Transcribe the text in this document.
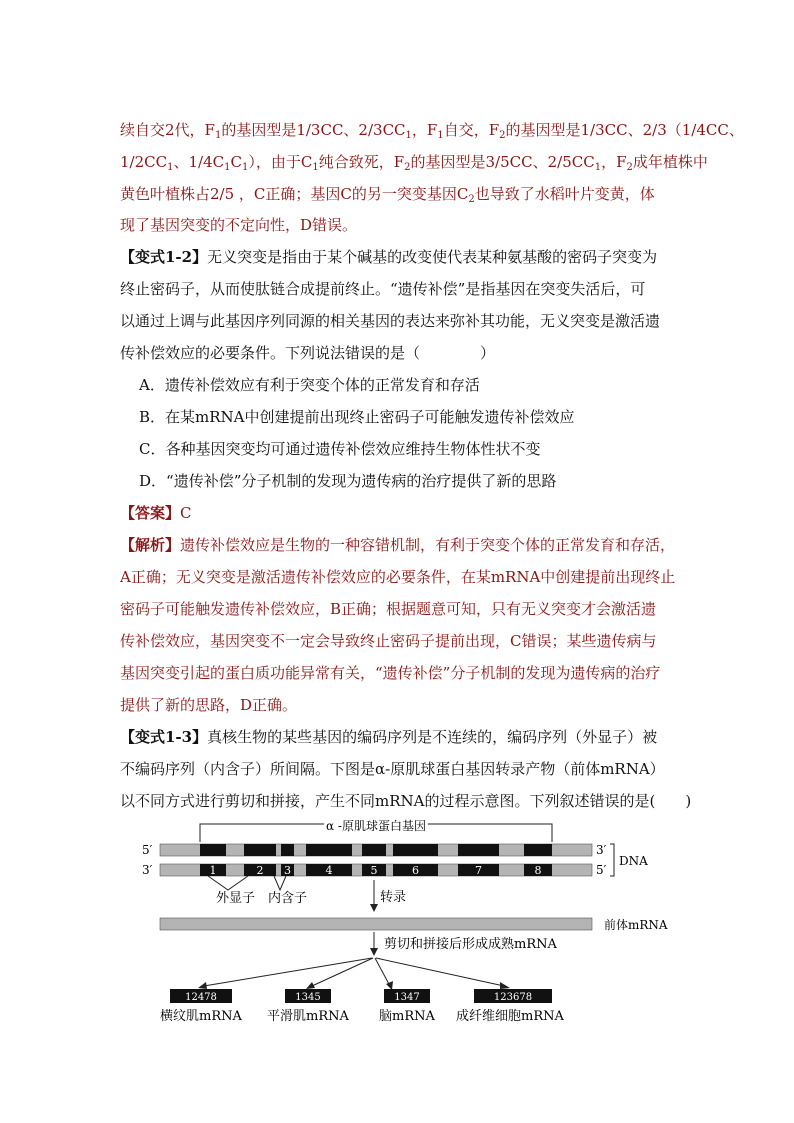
续自交2代，$F_1$的基因型是1/3CC、$2/3CC_1$，$F_1$自交，$F_2$的基因型是1/3CC、2/3（1/4CC、
$1/2CC_1$、$1/4C_1C_1$），由于$C_1$纯合致死，$F_2$的基因型是3/5CC、$2/5CC_1$，$F_2$成年植株中
黄色叶植株占2/5 ，C正确；基因C的另一突变基因$C_2$也导致了水稻叶片变黄，体
现了基因突变的不定向性，D错误。
【变式1-2】无义突变是指由于某个碱基的改变使代表某种氨基酸的密码子突变为
终止密码子，从而使肽链合成提前终止。“遗传补偿”是指基因在突变失活后，可
以通过上调与此基因序列同源的相关基因的表达来弥补其功能，无义突变是激活遗
传补偿效应的必要条件。下列说法错误的是（　　　　）
A．遗传补偿效应有利于突变个体的正常发育和存活
B．在某mRNA中创建提前出现终止密码子可能触发遗传补偿效应
C．各种基因突变均可通过遗传补偿效应维持生物体性状不变
D．“遗传补偿”分子机制的发现为遗传病的治疗提供了新的思路
【答案】C
【解析】遗传补偿效应是生物的一种容错机制，有利于突变个体的正常发育和存活，
A正确；无义突变是激活遗传补偿效应的必要条件，在某mRNA中创建提前出现终止
密码子可能触发遗传补偿效应，B正确；根据题意可知，只有无义突变才会激活遗
传补偿效应，基因突变不一定会导致终止密码子提前出现，C错误；某些遗传病与
基因突变引起的蛋白质功能异常有关，“遗传补偿”分子机制的发现为遗传病的治疗
提供了新的思路，D正确。
【变式1-3】真核生物的某些基因的编码序列是不连续的，编码序列（外显子）被
不编码序列（内含子）所间隔。下图是α-原肌球蛋白基因转录产物（前体mRNA）
以不同方式进行剪切和拼接，产生不同mRNA的过程示意图。下列叙述错误的是(　　)
α -原肌球蛋白基因
5′	3′
3′	5′
1	2 3	4	5	6	7	8
DNA
外显子 内含子	转录
前体mRNA
剪切和拼接后形成成熟mRNA
12478
横纹肌mRNA
1345
平滑肌mRNA
1347
脑mRNA
123678
成纤维细胞mRNA
